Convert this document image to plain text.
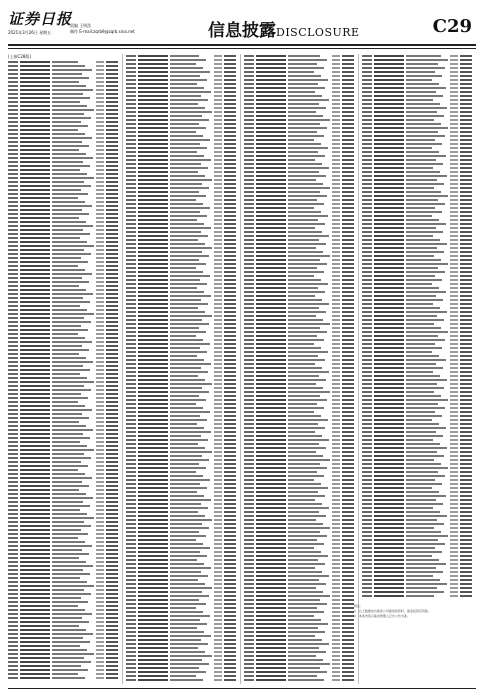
证券日报
2021年3月26日 星期五
责编 王明浩
制作 E-mail:zqrb9@zqrb.sina.net	信息披露DISCLOSURE	C29
(上接C28版)
附注：
1、以上数据来自基金公司提供的资料，基金投资有风险。
2、本表内容以基金管理人正式公告为准。
